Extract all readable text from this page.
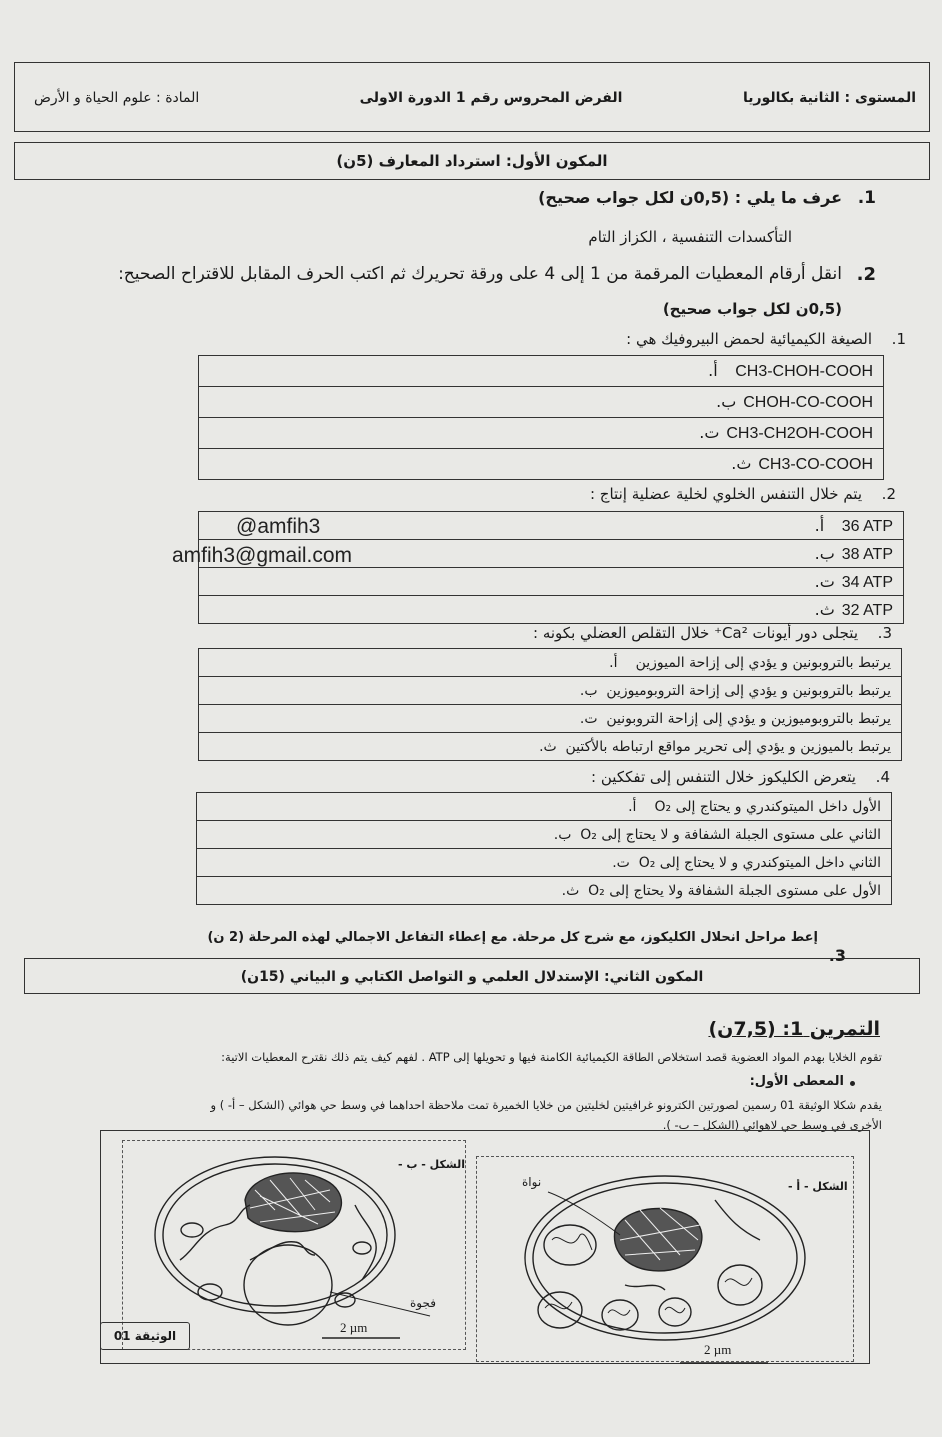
المستوى : الثانية بكالوريا
الفرض المحروس رقم 1 الدورة الاولى
المادة : علوم الحياة و الأرض
المكون الأول: استرداد المعارف (5ن)
1.
عرف ما يلي : (0,5ن لكل جواب صحيح)
التأكسدات التنفسية ، الكزاز التام
2.
انقل أرقام المعطيات المرقمة من 1 إلى 4 على ورقة تحريرك ثم اكتب الحرف المقابل للاقتراح الصحيح:
(0,5ن لكل جواب صحيح)
1.
الصيغة الكيميائية لحمض البيروفيك هي :
CH3-CHOH-COOH أ.
CHOH-CO-COOH ب.
CH3-CH2OH-COOH ت.
CH3-CO-COOH ث.
2.
يتم خلال التنفس الخلوي لخلية عضلية إنتاج :
36 ATP أ.
38 ATP ب.
34 ATP ت.
32 ATP ث.
@amfih3
amfih3@gmail.com
3.
يتجلى دور أيونات Ca²⁺ خلال التقلص العضلي بكونه :
يرتبط بالتروبونين و يؤدي إلى إزاحة الميوزين أ.
يرتبط بالتروبونين و يؤدي إلى إزاحة التروبوميوزين ب.
يرتبط بالتروبوميوزين و يؤدي إلى إزاحة التروبونين ت.
يرتبط بالميوزين و يؤدي إلى تحرير مواقع ارتباطه بالأكتين ث.
4.
يتعرض الكليكوز خلال التنفس إلى تفككين :
الأول داخل الميتوكندري و يحتاج إلى O₂ أ.
الثاني على مستوى الجبلة الشفافة و لا يحتاج إلى O₂ ب.
الثاني داخل الميتوكندري و لا يحتاج إلى O₂ ت.
الأول على مستوى الجبلة الشفافة ولا يحتاج إلى O₂ ث.
3.
إعط مراحل انحلال الكليكوز، مع شرح كل مرحلة. مع إعطاء التفاعل الاجمالي لهذه المرحلة (2 ن)
المكون الثاني: الإستدلال العلمي و التواصل الكتابي و البياني (15ن)
التمرين 1: (7,5ن)
تقوم الخلايا بهدم المواد العضوية قصد استخلاص الطاقة الكيميائية الكامنة فيها و تحويلها إلى ATP . لفهم كيف يتم ذلك نقترح المعطيات الاتية:
المعطى الأول:
يقدم شكلا الوثيقة 01 رسمين لصورتين الكترونو غرافيتين لخليتين من خلايا الخميرة تمت ملاحظة احداهما في وسط حي هوائي (الشكل – أ- ) و
الأخرى في وسط حي لاهوائي (الشكل – ب- ).
الشكل - ب -
الشكل - أ -
نواة
فجوة
2 µm
2 µm
الوثيقة 01
